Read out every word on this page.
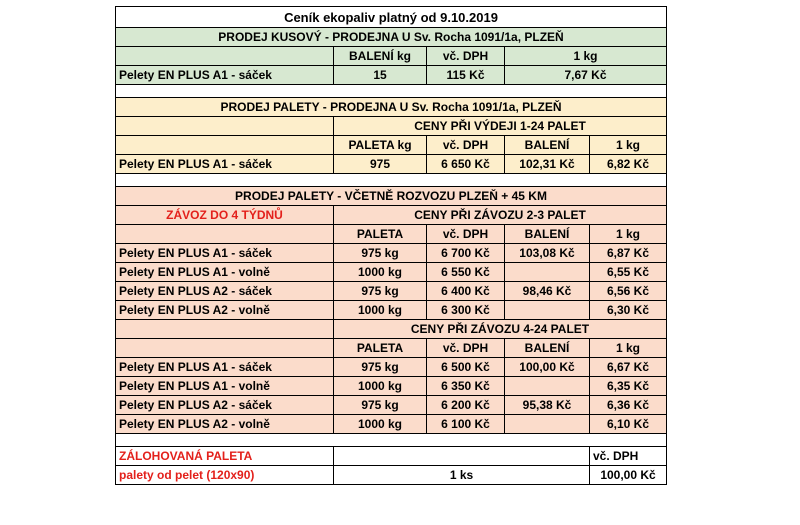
Ceník ekopaliv platný od 9.10.2019				
PRODEJ KUSOVÝ - PRODEJNA U Sv. Rocha 1091/1a, PLZEŇ				
	BALENÍ kg	vč. DPH	1 kg	
Pelety EN PLUS A1 - sáček	15	115 Kč	7,67 Kč	

PRODEJ PALETY - PRODEJNA U Sv. Rocha 1091/1a, PLZEŇ				
	CENY PŘI VÝDEJI 1-24 PALET			
	PALETA kg	vč. DPH	BALENÍ	1 kg
Pelety EN PLUS A1 - sáček	975	6 650 Kč	102,31 Kč	6,82 Kč

PRODEJ PALETY - VČETNĚ ROZVOZU PLZEŇ + 45 KM				
ZÁVOZ DO 4 TÝDNŮ	CENY PŘI ZÁVOZU 2-3 PALET			
	PALETA	vč. DPH	BALENÍ	1 kg
Pelety EN PLUS A1 - sáček	975 kg	6 700 Kč	103,08 Kč	6,87 Kč
Pelety EN PLUS A1 - volně	1000 kg	6 550 Kč		6,55 Kč
Pelety EN PLUS A2 - sáček	975 kg	6 400 Kč	98,46 Kč	6,56 Kč
Pelety EN PLUS A2 - volně	1000 kg	6 300 Kč		6,30 Kč
	CENY PŘI ZÁVOZU 4-24 PALET			
	PALETA	vč. DPH	BALENÍ	1 kg
Pelety EN PLUS A1 - sáček	975 kg	6 500 Kč	100,00 Kč	6,67 Kč
Pelety EN PLUS A1 - volně	1000 kg	6 350 Kč		6,35 Kč
Pelety EN PLUS A2 - sáček	975 kg	6 200 Kč	95,38 Kč	6,36 Kč
Pelety EN PLUS A2 - volně	1000 kg	6 100 Kč		6,10 Kč

ZÁLOHOVANÁ PALETA				vč. DPH
palety od pelet (120x90)	1 ks			100,00 Kč
